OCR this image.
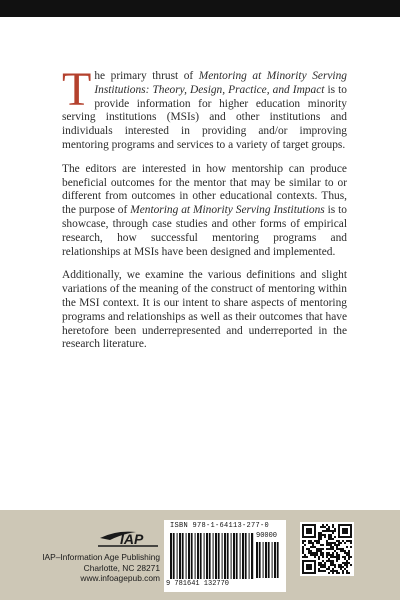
The primary thrust of Mentoring at Minority Serving Institutions: Theory, Design, Practice, and Impact is to provide information for higher education minority serving institutions (MSIs) and other institutions and individuals interested in providing and/or improving mentoring programs and services to a variety of target groups.

The editors are interested in how mentorship can produce beneficial outcomes for the mentor that may be similar to or different from outcomes in other educational contexts. Thus, the purpose of Mentoring at Minority Serving Institutions is to showcase, through case studies and other forms of empirical research, how successful mentoring programs and relationships at MSIs have been designed and implemented.

Additionally, we examine the various definitions and slight variations of the meaning of the construct of mentoring within the MSI context. It is our intent to share aspects of mentoring programs and relationships as well as their outcomes that have heretofore been underrepresented and underreported in the research literature.

IAP
IAP–Information Age Publishing
Charlotte, NC 28271
www.infoagepub.com
ISBN 978-1-64113-277-0
90000
9 781641 132770
